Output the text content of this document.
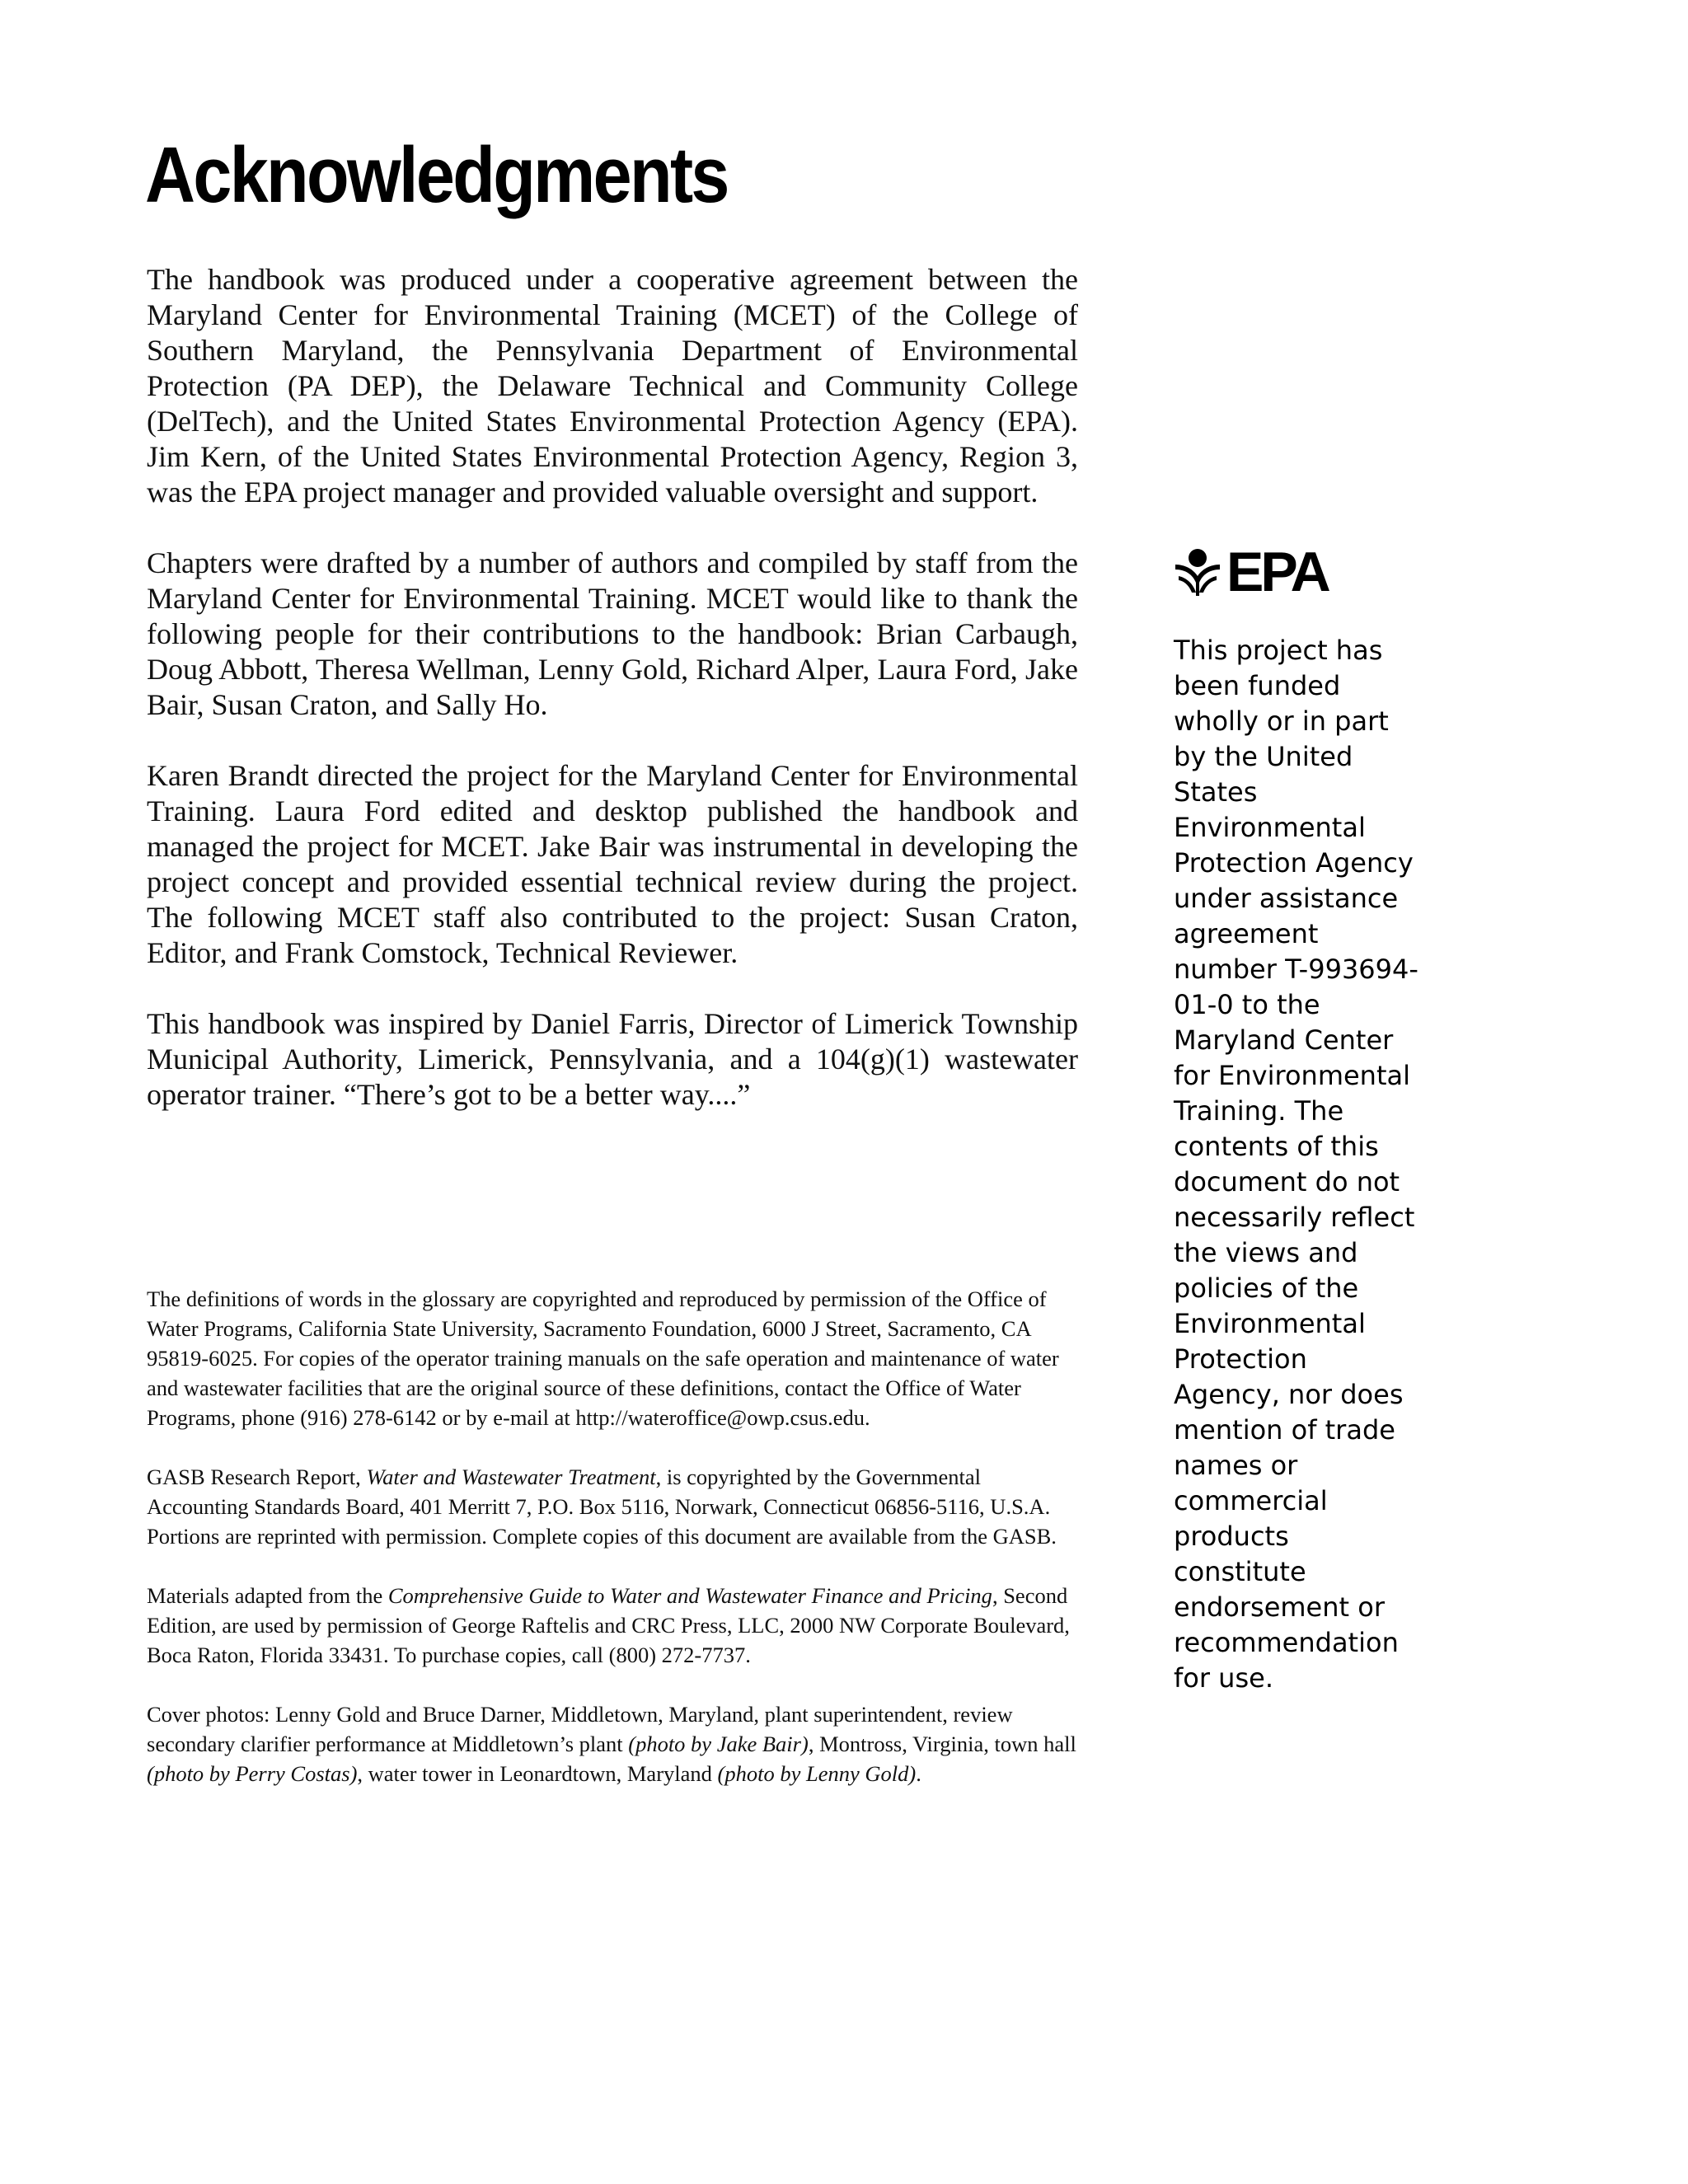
Acknowledgments

The handbook was produced under a cooperative agreement between the Maryland Center for Environmental Training (MCET) of the College of Southern Maryland, the Pennsylvania Department of Environmental Protection (PA DEP), the Delaware Technical and Community College (DelTech), and the United States Environmental Protection Agency (EPA). Jim Kern, of the United States Environmental Protection Agency, Region 3, was the EPA project manager and provided valuable oversight and support.

Chapters were drafted by a number of authors and compiled by staff from the Maryland Center for Environmental Training. MCET would like to thank the following people for their contributions to the handbook: Brian Carbaugh, Doug Abbott, Theresa Wellman, Lenny Gold, Richard Alper, Laura Ford, Jake Bair, Susan Craton, and Sally Ho.

Karen Brandt directed the project for the Maryland Center for Environmental Training. Laura Ford edited and desktop published the handbook and managed the project for MCET. Jake Bair was instrumental in developing the project concept and provided essential technical review during the project. The following MCET staff also contributed to the project: Susan Craton, Editor, and Frank Comstock, Technical Reviewer.

This handbook was inspired by Daniel Farris, Director of Limerick Township Municipal Authority, Limerick, Pennsylvania, and a 104(g)(1) wastewater operator trainer. “There’s got to be a better way....”

The definitions of words in the glossary are copyrighted and reproduced by permission of the Office of Water Programs, California State University, Sacramento Foundation, 6000 J Street, Sacramento, CA 95819-6025. For copies of the operator training manuals on the safe operation and maintenance of water and wastewater facilities that are the original source of these definitions, contact the Office of Water Programs, phone (916) 278-6142 or by e-mail at http://wateroffice@owp.csus.edu.

GASB Research Report, Water and Wastewater Treatment, is copyrighted by the Governmental Accounting Standards Board, 401 Merritt 7, P.O. Box 5116, Norwark, Connecticut 06856-5116, U.S.A. Portions are reprinted with permission. Complete copies of this document are available from the GASB.

Materials adapted from the Comprehensive Guide to Water and Wastewater Finance and Pricing, Second Edition, are used by permission of George Raftelis and CRC Press, LLC, 2000 NW Corporate Boulevard, Boca Raton, Florida 33431. To purchase copies, call (800) 272-7737.

Cover photos: Lenny Gold and Bruce Darner, Middletown, Maryland, plant superintendent, review secondary clarifier performance at Middletown’s plant (photo by Jake Bair), Montross, Virginia, town hall (photo by Perry Costas), water tower in Leonardtown, Maryland (photo by Lenny Gold).

EPA

This project has been funded wholly or in part by the United States Environmental Protection Agency under assistance agreement number T-993694-01-0 to the Maryland Center for Environmental Training. The contents of this document do not necessarily reflect the views and policies of the Environmental Protection Agency, nor does mention of trade names or commercial products constitute endorsement or recommendation for use.
